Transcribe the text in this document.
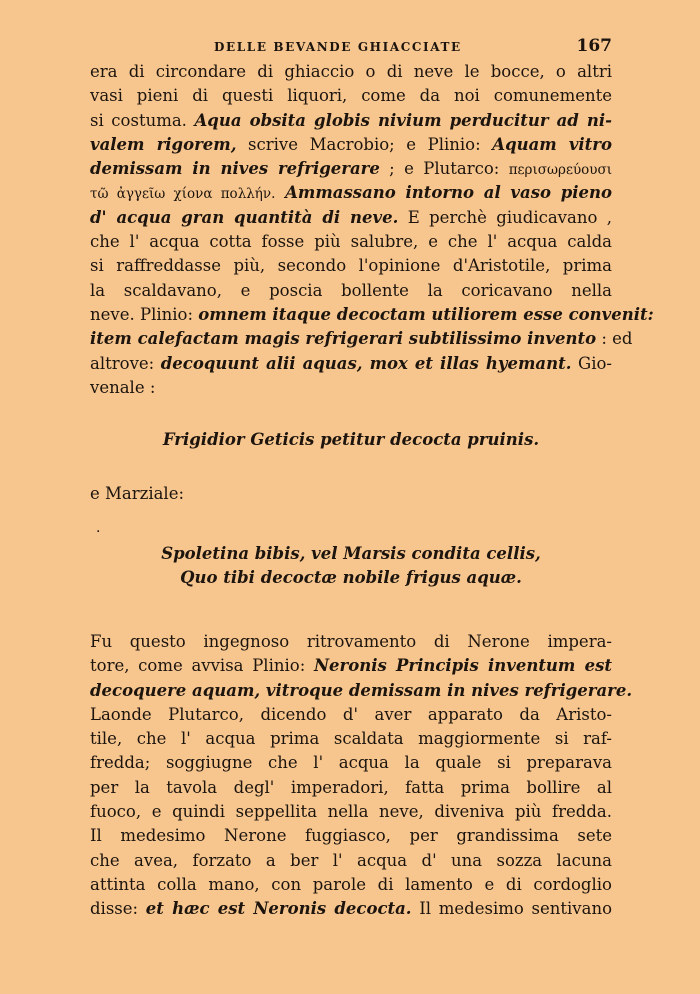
DELLE BEVANDE GHIACCIATE	167
era di circondare di ghiaccio o di neve le bocce, o altri
vasi pieni di questi liquori, come da noi comunemente
si costuma. Aqua obsita globis nivium perducitur ad ni-
valem rigorem, scrive Macrobio; e Plinio: Aquam vitro
demissam in nives refrigerare ; e Plutarco: περισωρεύουσι
τῶ ἀγγεῖω χίονα πολλήν. Ammassano intorno al vaso pieno
d' acqua gran quantità di neve. E perchè giudicavano ,
che l' acqua cotta fosse più salubre, e che l' acqua calda
si raffreddasse più, secondo l'opinione d'Aristotile, prima
la scaldavano, e poscia bollente la coricavano nella
neve. Plinio: omnem itaque decoctam utiliorem esse convenit:
item calefactam magis refrigerari subtilissimo invento : ed
altrove: decoquunt alii aquas, mox et illas hyemant. Gio-
venale :
Frigidior Geticis petitur decocta pruinis.
e Marziale:
·
Spoletina bibis, vel Marsis condita cellis,
Quo tibi decoctæ nobile frigus aquæ.
Fu questo ingegnoso ritrovamento di Nerone impera-
tore, come avvisa Plinio: Neronis Principis inventum est
decoquere aquam, vitroque demissam in nives refrigerare.
Laonde Plutarco, dicendo d' aver apparato da Aristo-
tile, che l' acqua prima scaldata maggiormente si raf-
fredda; soggiugne che l' acqua la quale si preparava
per la tavola degl' imperadori, fatta prima bollire al
fuoco, e quindi seppellita nella neve, diveniva più fredda.
Il medesimo Nerone fuggiasco, per grandissima sete
che avea, forzato a ber l' acqua d' una sozza lacuna
attinta colla mano, con parole di lamento e di cordoglio
disse: et hæc est Neronis decocta. Il medesimo sentivano
